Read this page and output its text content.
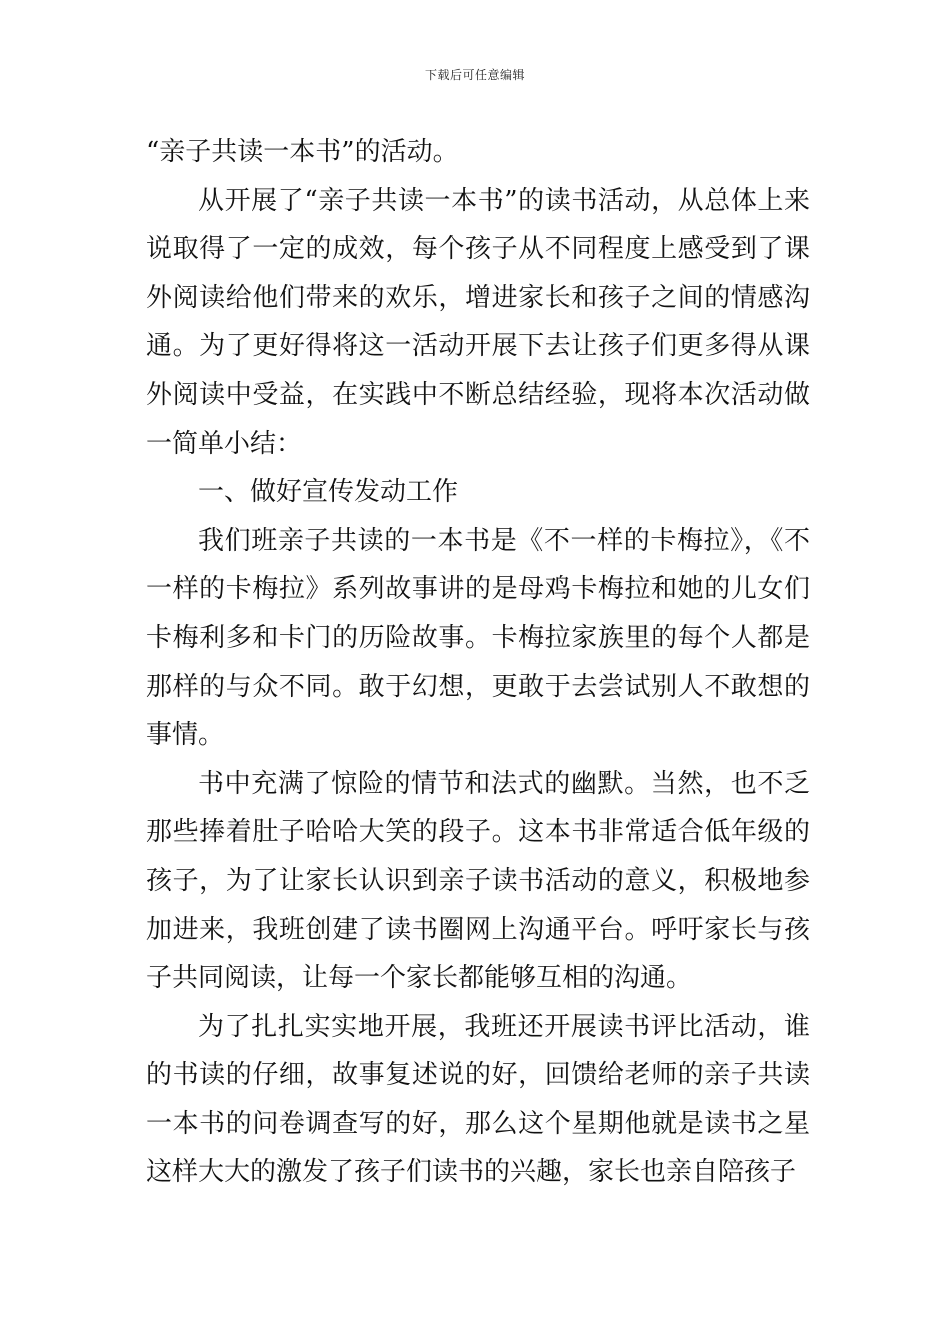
下载后可任意编辑

“亲子共读一本书”的活动。

从开展了“亲子共读一本书”的读书活动，从总体上来说取得了一定的成效，每个孩子从不同程度上感受到了课外阅读给他们带来的欢乐，增进家长和孩子之间的情感沟通。为了更好得将这一活动开展下去让孩子们更多得从课外阅读中受益，在实践中不断总结经验，现将本次活动做一简单小结：

一、做好宣传发动工作

我们班亲子共读的一本书是《不一样的卡梅拉》，《不一样的卡梅拉》系列故事讲的是母鸡卡梅拉和她的儿女们卡梅利多和卡门的历险故事。卡梅拉家族里的每个人都是那样的与众不同。敢于幻想，更敢于去尝试别人不敢想的事情。

书中充满了惊险的情节和法式的幽默。当然，也不乏那些捧着肚子哈哈大笑的段子。这本书非常适合低年级的孩子，为了让家长认识到亲子读书活动的意义，积极地参加进来，我班创建了读书圈网上沟通平台。呼吁家长与孩子共同阅读，让每一个家长都能够互相的沟通。

为了扎扎实实地开展，我班还开展读书评比活动，谁的书读的仔细，故事复述说的好，回馈给老师的亲子共读一本书的问卷调查写的好，那么这个星期他就是读书之星这样大大的激发了孩子们读书的兴趣，家长也亲自陪孩子
